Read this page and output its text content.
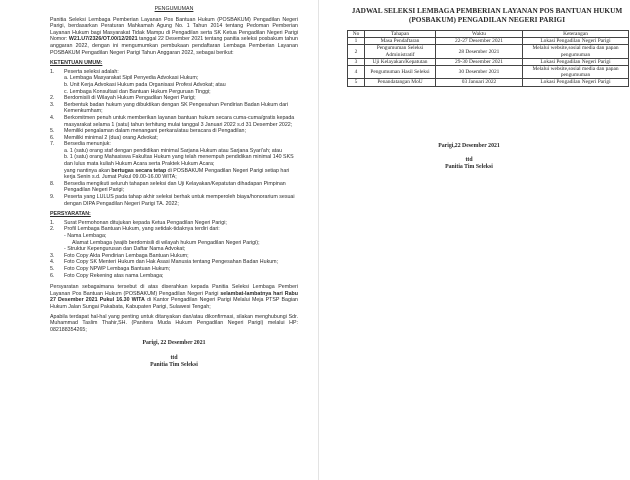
PENGUMUMAN
Panitia Seleksi Lembaga Pemberian Layanan Pos Bantuan Hukum (POSBAKUM) Pengadilan Negeri Parigi, berdasarkan Peraturan Mahkamah Agung No. 1 Tahun 2014 tentang Pedoman Pemberian Layanan Hukum bagi Masyarakat Tidak Mampu di Pengadilan serta SK Ketua Pengadilan Negeri Parigi Nomor: W21.U7/2326/OT.00/12/2021 tanggal 22 Desember 2021 tentang panitia seleksi posbakum tahun anggaran 2022, dengan ini mengumumkan pembukaan pendaftaran Lembaga Pemberian Layanan POSBAKUM Pengadilan Negeri Parigi Tahun Anggaran 2022, sebagai berikut:
KETENTUAN UMUM:
1.	Peserta seleksi adalah:
a. Lembaga Masyarakat Sipil Penyedia Advokasi Hukum;
b. Unit Kerja Advokasi Hukum pada Organisasi Profesi Advokat; atau
c. Lembaga Konsultasi dan Bantuan Hukum Perguruan Tinggi;
2.	Berdomisili di Wilayah Hukum Pengadilan Negeri Parigi;
3.	Berbentuk badan hukum yang dibuktikan dengan SK Pengesahan Pendirian Badan Hukum dari Kemenkumham;
4.	Berkomitmen penuh untuk memberikan layanan bantuan hukum secara cuma-cuma/gratis kepada masyarakat selama 1 (satu) tahun terhitung mulai tanggal 3 Januari 2022 s.d 31 Desember 2022;
5.	Memiliki pengalaman dalam menangani perkara/atau beracara di Pengadilan;
6.	Memiliki minimal 2 (dua) orang Advokat;
7.	Bersedia menunjuk:
a. 1 (satu) orang staf dengan pendidikan minimal Sarjana Hukum atau Sarjana Syari'ah; atau
b. 1 (satu) orang Mahasiswa Fakultas Hukum yang telah menempuh pendidikan minimal 140 SKS dan lulus mata kuliah Hukum Acara serta Praktek Hukum Acara;
yang nantinya akan bertugas secara tetap di POSBAKUM Pengadilan Negeri Parigi setiap hari kerja Senin s.d. Jumat Pukul 09.00-16.00 WITA;
8.	Bersedia mengikuti seluruh tahapan seleksi dan Uji Kelayakan/Kepatutan dihadapan Pimpinan Pengadilan Negeri Parigi;
9.	Peserta yang LULUS pada tahap akhir seleksi berhak untuk memperoleh biaya/honorarium sesuai dengan DIPA Pengadilan Negeri Parigi TA. 2022;
PERSYARATAN:
1.	Surat Permohonan ditujukan kepada Ketua Pengadilan Negeri Parigi;
2.	Profil Lembaga Bantuan Hukum, yang setidak-tidaknya terdiri dari:
- Nama Lembaga;
Alamat Lembaga (wajib berdomisili di wilayah hukum Pengadilan Negeri Parigi);
- Struktur Kepengurusan dan Daftar Nama Advokat;
3.	Foto Copy Akta Pendirian Lembaga Bantuan Hukum;
4.	Foto Copy SK Menteri Hukum dan Hak Asasi Manusia tentang Pengesahan Badan Hukum;
5.	Foto Copy NPWP Lembaga Bantuan Hukum;
6.	Foto Copy Rekening atas nama Lembaga;
Persyaratan sebagaimana tersebut di atas diserahkan kepada Panitia Seleksi Lembaga Pemberi Layanan Pos Bantuan Hukum (POSBAKUM) Pengadilan Negeri Parigi selambat-lambatnya hari Rabu 27 Desember 2021 Pukul 16.30 WITA di Kantor Pengadilan Negeri Parigi Melalui Meja PTSP Bagian Hukum Jalan Sungai Pakabata, Kabupaten Parigi, Sulawesi Tengah;
Apabila terdapat hal-hal yang penting untuk ditanyakan dan/atau dikonfirmasi, silakan menghubungi Sdr. Muhammad Taslim Thahir,SH. (Panitera Muda Hukum Pengadilan Negeri Parigi) melalui HP: 082188354265;
Parigi, 22 Desember 2021
ttd
Panitia Tim Seleksi
JADWAL SELEKSI LEMBAGA PEMBERIAN LAYANAN POS BANTUAN HUKUM
(POSBAKUM) PENGADILAN NEGERI PARIGI
No	Tahapan	Waktu	Keterangan
1	Masa Pendaftaran	22-27 Desember 2021	Lokasi Pengadilan Negeri Parigi
2	Pengumuman Seleksi Administratif	28 Desember 2021	Melalui website,sosial media dan papan pengumuman
3	Uji Kelayakan/Kepatutan	29-30 Desember 2021	Lokasi Pengadilan Negeri Parigi
4	Pengumuman Hasil Seleksi	30 Desember 2021	Melalui website,sosial media dan papan pengumuman
5	Penandatangan MoU	03 Januari 2022	Lokasi Pengadilan Negeri Parigi
Parigi,22 Desember 2021
ttd
Panitia Tim Seleksi
